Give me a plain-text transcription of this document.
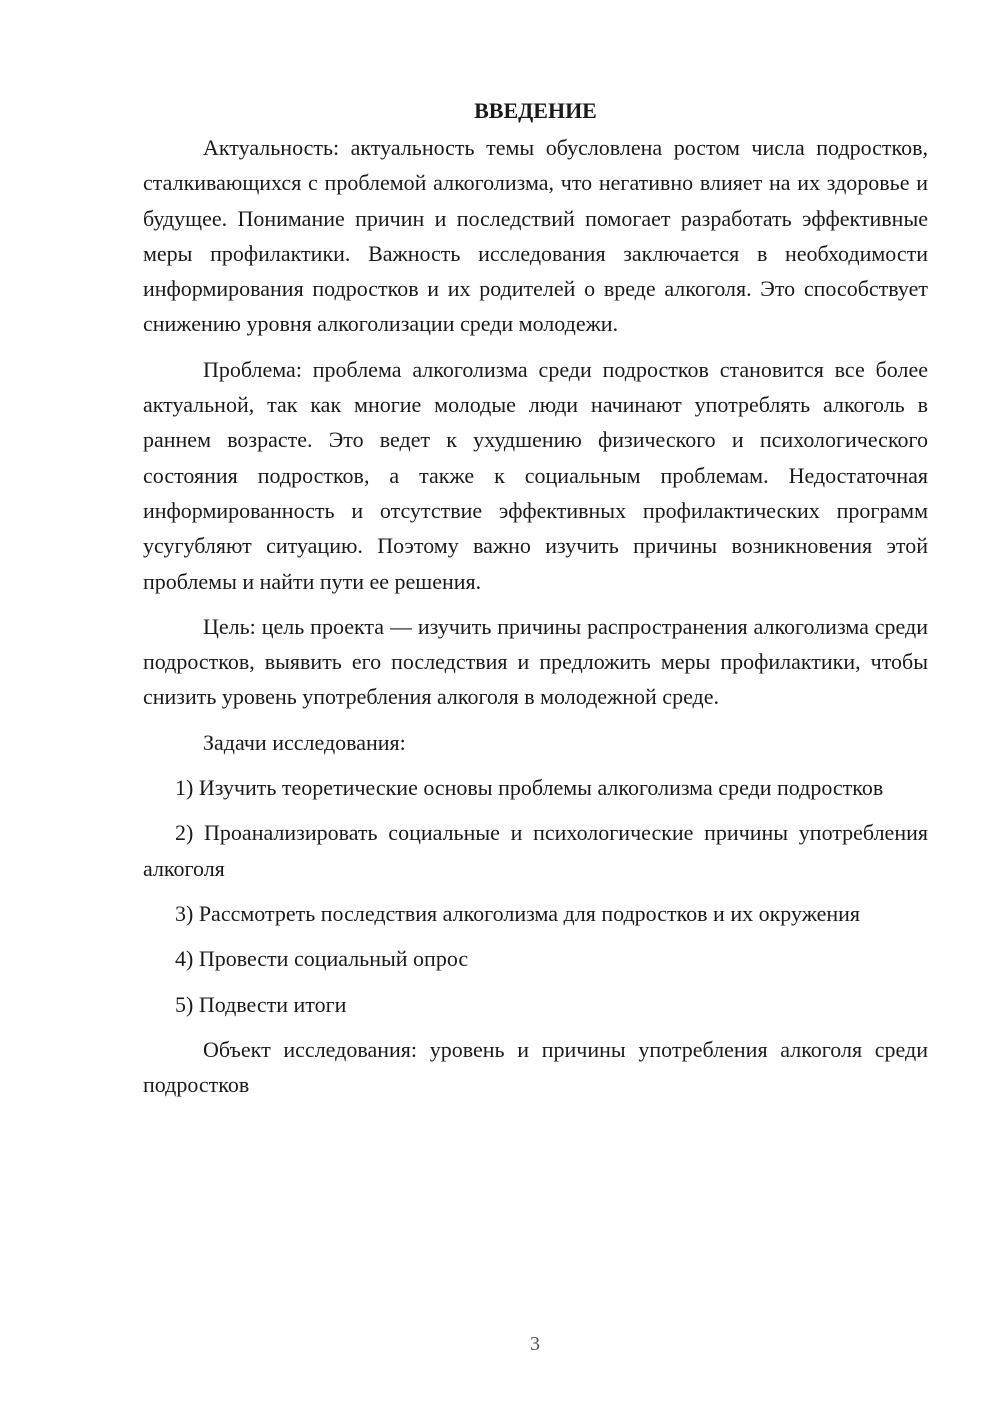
ВВЕДЕНИЕ

Актуальность: актуальность темы обусловлена ростом числа подростков, сталкивающихся с проблемой алкоголизма, что негативно влияет на их здоровье и будущее. Понимание причин и последствий помогает разработать эффективные меры профилактики. Важность исследования заключается в необходимости информирования подростков и их родителей о вреде алкоголя. Это способствует снижению уровня алкоголизации среди молодежи.

Проблема: проблема алкоголизма среди подростков становится все более актуальной, так как многие молодые люди начинают употреблять алкоголь в раннем возрасте. Это ведет к ухудшению физического и психологического состояния подростков, а также к социальным проблемам. Недостаточная информированность и отсутствие эффективных профилактических программ усугубляют ситуацию. Поэтому важно изучить причины возникновения этой проблемы и найти пути ее решения.

Цель: цель проекта — изучить причины распространения алкоголизма среди подростков, выявить его последствия и предложить меры профилактики, чтобы снизить уровень употребления алкоголя в молодежной среде.

Задачи исследования:

1) Изучить теоретические основы проблемы алкоголизма среди подростков

2) Проанализировать социальные и психологические причины употребления алкоголя

3) Рассмотреть последствия алкоголизма для подростков и их окружения

4) Провести социальный опрос

5) Подвести итоги

Объект исследования: уровень и причины употребления алкоголя среди подростков

3
